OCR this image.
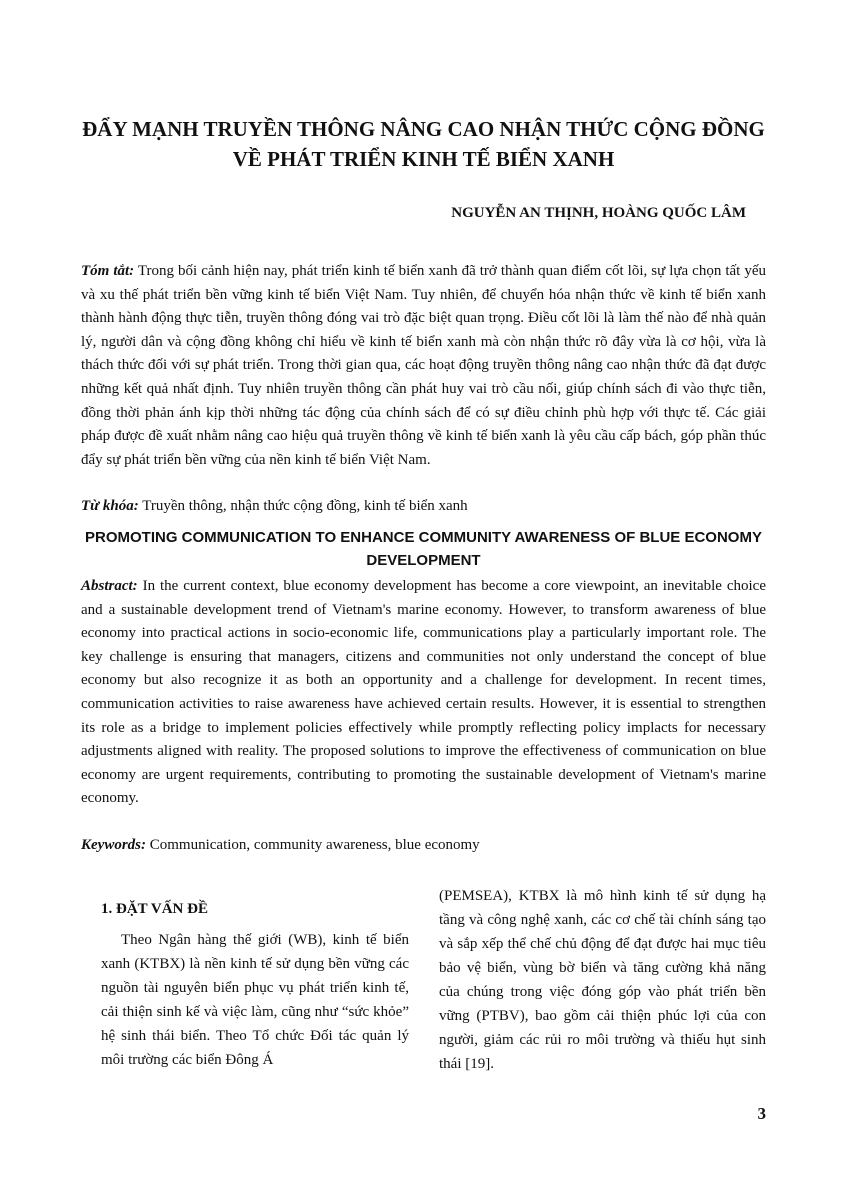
ĐẨY MẠNH TRUYỀN THÔNG NÂNG CAO NHẬN THỨC CỘNG ĐỒNG VỀ PHÁT TRIỂN KINH TẾ BIỂN XANH

NGUYỄN AN THỊNH, HOÀNG QUỐC LÂM

Tóm tắt: Trong bối cảnh hiện nay, phát triển kinh tế biển xanh đã trở thành quan điểm cốt lõi, sự lựa chọn tất yếu và xu thế phát triển bền vững kinh tế biển Việt Nam. Tuy nhiên, để chuyển hóa nhận thức về kinh tế biển xanh thành hành động thực tiễn, truyền thông đóng vai trò đặc biệt quan trọng. Điều cốt lõi là làm thế nào để nhà quản lý, người dân và cộng đồng không chỉ hiểu về kinh tế biển xanh mà còn nhận thức rõ đây vừa là cơ hội, vừa là thách thức đối với sự phát triển. Trong thời gian qua, các hoạt động truyền thông nâng cao nhận thức đã đạt được những kết quả nhất định. Tuy nhiên truyền thông cần phát huy vai trò cầu nối, giúp chính sách đi vào thực tiễn, đồng thời phản ánh kịp thời những tác động của chính sách để có sự điều chỉnh phù hợp với thực tế. Các giải pháp được đề xuất nhằm nâng cao hiệu quả truyền thông về kinh tế biển xanh là yêu cầu cấp bách, góp phần thúc đẩy sự phát triển bền vững của nền kinh tế biển Việt Nam.

Từ khóa: Truyền thông, nhận thức cộng đồng, kinh tế biển xanh

PROMOTING COMMUNICATION TO ENHANCE COMMUNITY AWARENESS OF BLUE ECONOMY DEVELOPMENT

Abstract: In the current context, blue economy development has become a core viewpoint, an inevitable choice and a sustainable development trend of Vietnam's marine economy. However, to transform awareness of blue economy into practical actions in socio-economic life, communications play a particularly important role. The key challenge is ensuring that managers, citizens and communities not only understand the concept of blue economy but also recognize it as both an opportunity and a challenge for development. In recent times, communication activities to raise awareness have achieved certain results. However, it is essential to strengthen its role as a bridge to implement policies effectively while promptly reflecting policy implacts for necessary adjustments aligned with reality. The proposed solutions to improve the effectiveness of communication on blue economy are urgent requirements, contributing to promoting the sustainable development of Vietnam's marine economy.

Keywords: Communication, community awareness, blue economy

1. ĐẶT VẤN ĐỀ

Theo Ngân hàng thế giới (WB), kinh tế biển xanh (KTBX) là nền kinh tế sử dụng bền vững các nguồn tài nguyên biển phục vụ phát triển kinh tế, cải thiện sinh kế và việc làm, cũng như “sức khỏe” hệ sinh thái biển. Theo Tổ chức Đối tác quản lý môi trường các biển Đông Á

(PEMSEA), KTBX là mô hình kinh tế sử dụng hạ tầng và công nghệ xanh, các cơ chế tài chính sáng tạo và sắp xếp thể chế chủ động để đạt được hai mục tiêu bảo vệ biển, vùng bờ biển và tăng cường khả năng của chúng trong việc đóng góp vào phát triển bền vững (PTBV), bao gồm cải thiện phúc lợi của con người, giảm các rủi ro môi trường và thiếu hụt sinh thái [19].

3
